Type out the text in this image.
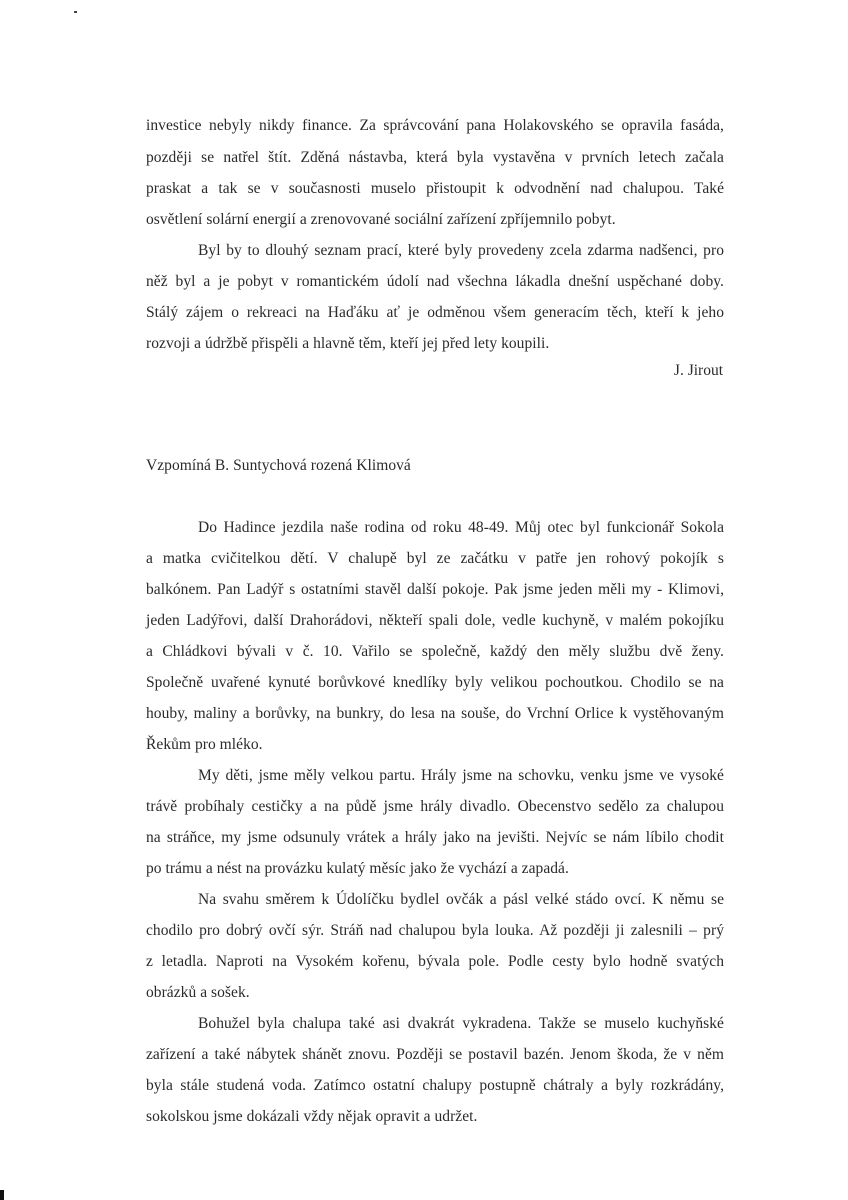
investice nebyly nikdy finance. Za správcování pana Holakovského se opravila fasáda,
později se natřel štít. Zděná nástavba, která byla vystavěna v prvních letech začala
praskat a tak se v současnosti muselo přistoupit k odvodnění nad chalupou. Také
osvětlení solární energií a zrenovované sociální zařízení zpříjemnilo pobyt.
Byl by to dlouhý seznam prací, které byly provedeny zcela zdarma nadšenci, pro
něž byl a je pobyt v romantickém údolí nad všechna lákadla dnešní uspěchané doby.
Stálý zájem o rekreaci na Haďáku ať je odměnou všem generacím těch, kteří k jeho
rozvoji a údržbě přispěli a hlavně těm, kteří jej před lety koupili.
J. Jirout
Vzpomíná B. Suntychová rozená Klimová
Do Hadince jezdila naše rodina od roku 48-49. Můj otec byl funkcionář Sokola
a matka cvičitelkou dětí. V chalupě byl ze začátku v patře jen rohový pokojík s
balkónem. Pan Ladýř s ostatními stavěl další pokoje. Pak jsme jeden měli my - Klimovi,
jeden Ladýřovi, další Drahorádovi, někteří spali dole, vedle kuchyně, v malém pokojíku
a Chládkovi bývali v č. 10. Vařilo se společně, každý den měly službu dvě ženy.
Společně uvařené kynuté borůvkové knedlíky byly velikou pochoutkou. Chodilo se na
houby, maliny a borůvky, na bunkry, do lesa na souše, do Vrchní Orlice k vystěhovaným
Řekům pro mléko.
My děti, jsme měly velkou partu. Hrály jsme na schovku, venku jsme ve vysoké
trávě probíhaly cestičky a na půdě jsme hrály divadlo. Obecenstvo sedělo za chalupou
na stráňce, my jsme odsunuly vrátek a hrály jako na jevišti. Nejvíc se nám líbilo chodit
po trámu a nést na provázku kulatý měsíc jako že vychází a zapadá.
Na svahu směrem k Údolíčku bydlel ovčák a pásl velké stádo ovcí. K němu se
chodilo pro dobrý ovčí sýr. Stráň nad chalupou byla louka. Až později ji zalesnili – prý
z letadla. Naproti na Vysokém kořenu, bývala pole. Podle cesty bylo hodně svatých
obrázků a sošek.
Bohužel byla chalupa také asi dvakrát vykradena. Takže se muselo kuchyňské
zařízení a také nábytek shánět znovu. Později se postavil bazén. Jenom škoda, že v něm
byla stále studená voda. Zatímco ostatní chalupy postupně chátraly a byly rozkrádány,
sokolskou jsme dokázali vždy nějak opravit a udržet.
